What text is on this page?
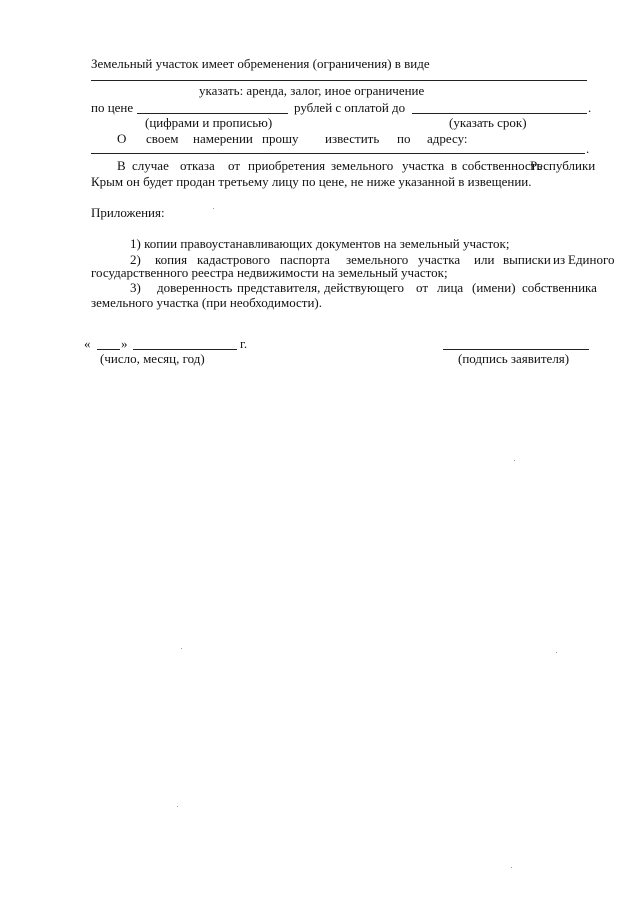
Земельный участок имеет обременения (ограничения) в виде
указать: аренда, залог, иное ограничение
по цене	рублей с оплатой до	.
(цифрами и прописью)	(указать срок)
О своем намерении прошу известить по адресу:
.
В случае отказа от приобретения земельного участка в собственность
Республики
Крым он будет продан третьему лицу по цене, не ниже указанной в извещении.
Приложения:
1) копии правоустанавливающих документов на земельный участок;
2) копия кадастрового паспорта земельного участка или выписки из Единого
государственного реестра недвижимости на земельный участок;
3) доверенность представителя, действующего от лица (имени) собственника
земельного участка (при необходимости).
« »	г.
(число, месяц, год)	(подпись заявителя)
